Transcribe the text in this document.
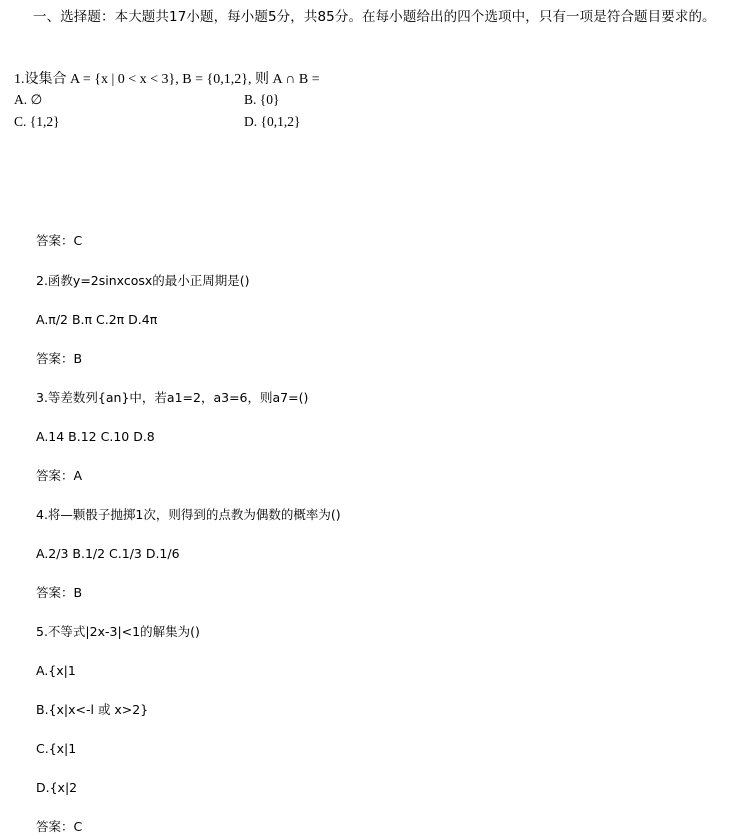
一、选择题：本大题共17小题，每小题5分，共85分。在每小题给出的四个选项中，只有一项是符合题目要求的。
1.设集合 A = {x | 0 < x < 3}, B = {0,1,2}, 则 A ∩ B =
A. ∅	B. {0}
C. {1,2}	D. {0,1,2}
答案：C
2.函教y=2sinxcosx的最小正周期是()
A.π/2 B.π C.2π D.4π
答案：B
3.等差数列{an}中，若a1=2，a3=6，则a7=()
A.14 B.12 C.10 D.8
答案：A
4.将—颗骰子抛掷1次，则得到的点教为偶数的概率为()
A.2/3 B.1/2 C.1/3 D.1/6
答案：B
5.不等式|2x-3|<1的解集为()
A.{x|1
B.{x|x<-l 或 x>2}
C.{x|1
D.{x|2
答案：C
